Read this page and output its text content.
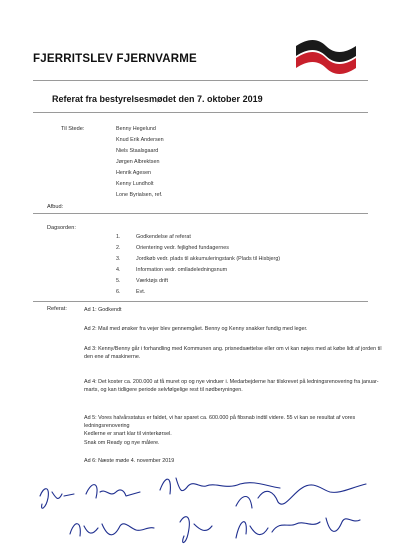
FJERRITSLEV FJERNVARME
Referat fra bestyrelsesmødet den 7. oktober 2019
Til Stede:	Benny Hegelund
Knud Erik Andersen
Niels Staalsgaard
Jørgen Albrektsen
Henrik Agesen
Kenny Lundholt
Lone Byrialsen, ref.
Afbud:
Dagsorden:
1.	Godkendelse af referat
2.	Orientering vedr. fejlighed fundagernes
3.	Jordkøb vedr. plads til akkumuleringstank (Plads til Hisbjerg)
4.	Information vedr. omlladeledningsnum
5.	Værktøjs drift
6.	Evt.
Referat:	Ad 1: Godkendt
Ad 2: Mail med ønsker fra vejer blev gennemgået. Benny og Kenny snakker fundig med leger.
Ad 3: Kenny/Benny går i forhandling med Kommunen ang. prisnedsættelse eller om vi kan nøjes med at købe lidt af jorden til den ene af maskinerne.
Ad 4: Det koster ca. 200.000 at få muret op og nye vinduer i. Medarbejderne har tilskrevet på ledningsrenovering fra januar-marts, og kan tidligere periode selvfølgelige rest til nødberyningen.
Ad 5: Vores halvårsstatus er faldet, vi har sparet ca. 600.000 på fibsnab indtil videre. 55 vi kan se resultat af vores ledningsrenovering
Kedlerne er snart klar til vinterkørsel.
Snak om Ready og nye målere.
Ad 6: Næste møde 4. november 2019
